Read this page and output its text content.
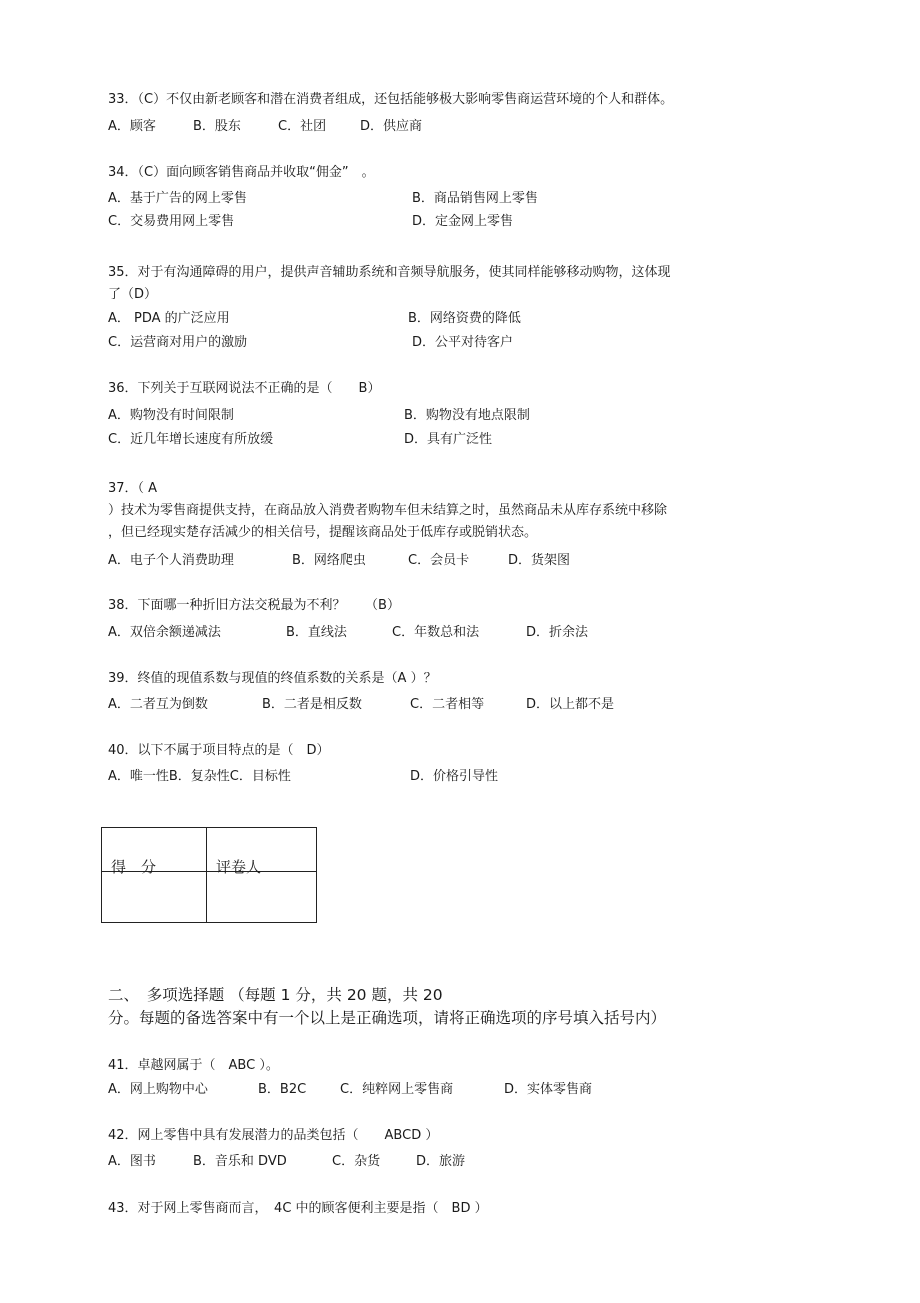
33．（C）不仅由新老顾客和潜在消费者组成，还包括能够极大影响零售商运营环境的个人和群体。
A．顾客	B．股东	C．社团	D．供应商
34．（C）面向顾客销售商品并收取“佣金”　。
A．基于广告的网上零售	B．商品销售网上零售
C．交易费用网上零售	D．定金网上零售
35．对于有沟通障碍的用户，提供声音辅助系统和音频导航服务，使其同样能够移动购物，这体现
了（D）
A． PDA 的广泛应用	B．网络资费的降低
C．运营商对用户的激励	D．公平对待客户
36．下列关于互联网说法不正确的是（　　B）
A．购物没有时间限制	B．购物没有地点限制
C．近几年增长速度有所放缓	D．具有广泛性
37．（ A
）技术为零售商提供支持，在商品放入消费者购物车但未结算之时，虽然商品未从库存系统中移除
，但已经现实楚存活减少的相关信号，提醒该商品处于低库存或脱销状态。
A．电子个人消费助理	B．网络爬虫	C．会员卡	D．货架图
38．下面哪一种折旧方法交税最为不利？　　（B）
A．双倍余额递减法	B．直线法	C．年数总和法	D．折余法
39．终值的现值系数与现值的终值系数的关系是（A ）？
A．二者互为倒数	B．二者是相反数	C．二者相等	D．以上都不是
40．以下不属于项目特点的是（　D）
A．唯一性B．复杂性C．目标性	D．价格引导性
得　分	评卷人
二、　多项选择题 （每题 1 分，共 20 题，共 20
分。每题的备选答案中有一个以上是正确选项，请将正确选项的序号填入括号内）
41．卓越网属于（　ABC ）。
A．网上购物中心	B．B2C	C．纯粹网上零售商	D．实体零售商
42．网上零售中具有发展潜力的品类包括（　　ABCD ）
A．图书	B．音乐和 DVD	C．杂货	D．旅游
43．对于网上零售商而言，　4C 中的顾客便利主要是指（　BD ）
